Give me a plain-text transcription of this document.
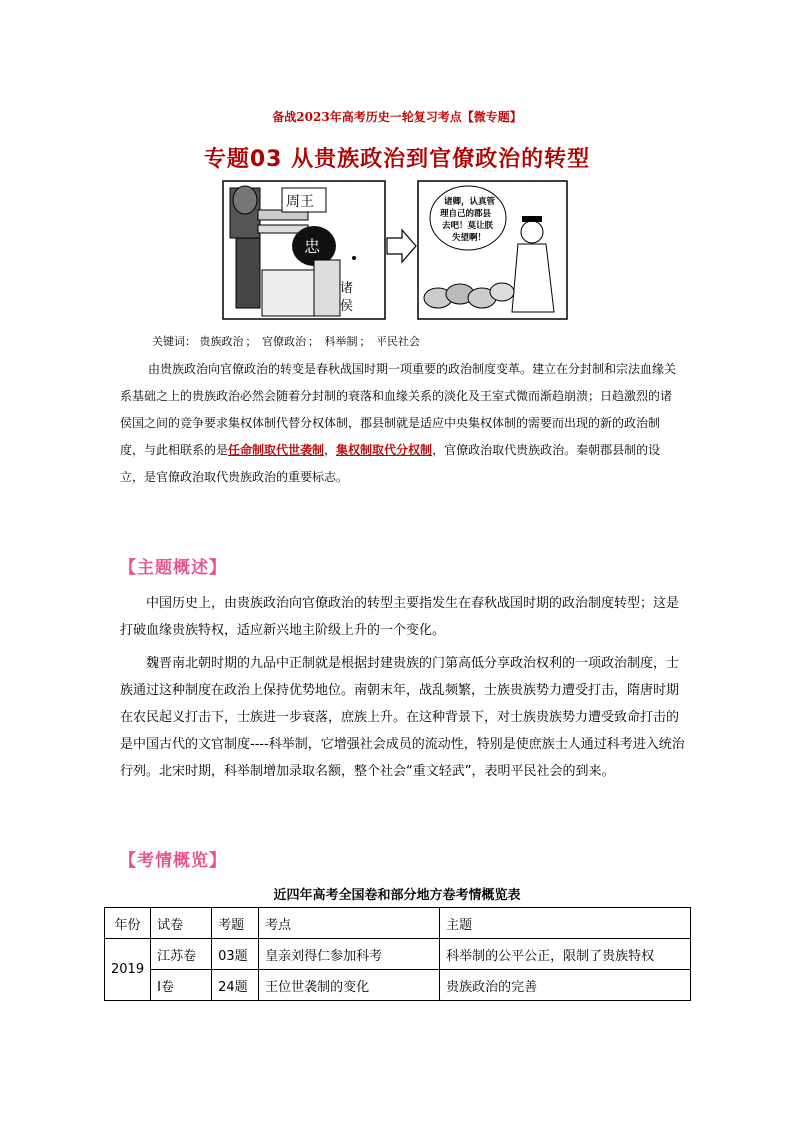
备战2023年高考历史一轮复习考点【微专题】
专题03 从贵族政治到官僚政治的转型
周王
忠
诸
侯
诸卿，认真管 理自己的郡县 去吧！莫让朕 失望啊！
关键词： 贵族政治 ； 官僚政治 ； 科举制 ； 平民社会
由贵族政治向官僚政治的转变是春秋战国时期一项重要的政治制度变革。建立在分封制和宗法血缘关系基础之上的贵族政治必然会随着分封制的衰落和血缘关系的淡化及王室式微而渐趋崩溃；日趋激烈的诸侯国之间的竞争要求集权体制代替分权体制，郡县制就是适应中央集权体制的需要而出现的新的政治制度，与此相联系的是任命制取代世袭制，集权制取代分权制，官僚政治取代贵族政治。秦朝郡县制的设立，是官僚政治取代贵族政治的重要标志。
【主题概述】
中国历史上，由贵族政治向官僚政治的转型主要指发生在春秋战国时期的政治制度转型；这是打破血缘贵族特权，适应新兴地主阶级上升的一个变化。
魏晋南北朝时期的九品中正制就是根据封建贵族的门第高低分享政治权利的一项政治制度，士族通过这种制度在政治上保持优势地位。南朝末年，战乱频繁，士族贵族势力遭受打击，隋唐时期在农民起义打击下，士族进一步衰落，庶族上升。在这种背景下，对士族贵族势力遭受致命打击的是中国古代的文官制度----科举制，它增强社会成员的流动性，特别是使庶族士人通过科考进入统治行列。北宋时期，科举制增加录取名额，整个社会“重文轻武”，表明平民社会的到来。
【考情概览】
近四年高考全国卷和部分地方卷考情概览表
年份	试卷	考题	考点	主题
2019	江苏卷	03题	皇亲刘得仁参加科考	科举制的公平公正，限制了贵族特权
	Ⅰ卷	24题	王位世袭制的变化	贵族政治的完善
